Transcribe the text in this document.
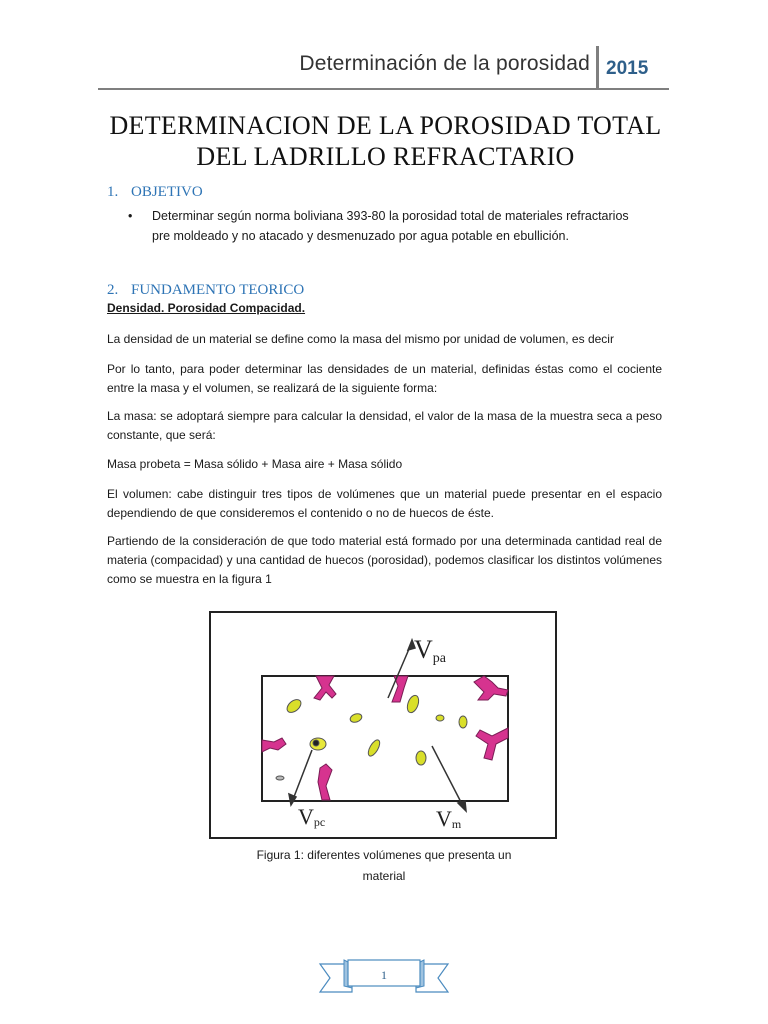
Determinación de la porosidad 2015
DETERMINACION DE LA POROSIDAD TOTAL
DEL LADRILLO REFRACTARIO
1. OBJETIVO
•	Determinar según norma boliviana 393-80 la porosidad total de materiales refractarios pre moldeado y no atacado y desmenuzado por agua potable en ebullición.
2. FUNDAMENTO TEORICO
Densidad. Porosidad Compacidad.
La densidad de un material se define como la masa del mismo por unidad de volumen, es decir
Por lo tanto, para poder determinar las densidades de un material, definidas éstas como el cociente entre la masa y el volumen, se realizará de la siguiente forma:
La masa: se adoptará siempre para calcular la densidad, el valor de la masa de la muestra seca a peso constante, que será:
Masa probeta = Masa sólido + Masa aire + Masa sólido
El volumen: cabe distinguir tres tipos de volúmenes que un material puede presentar en el espacio dependiendo de que consideremos el contenido o no de huecos de éste.
Partiendo de la consideración de que todo material está formado por una determinada cantidad real de materia (compacidad) y una cantidad de huecos (porosidad), podemos clasificar los distintos volúmenes como se muestra en la figura 1
Vpa
Vpc	Vm
Figura 1: diferentes volúmenes que presenta un
material
1
